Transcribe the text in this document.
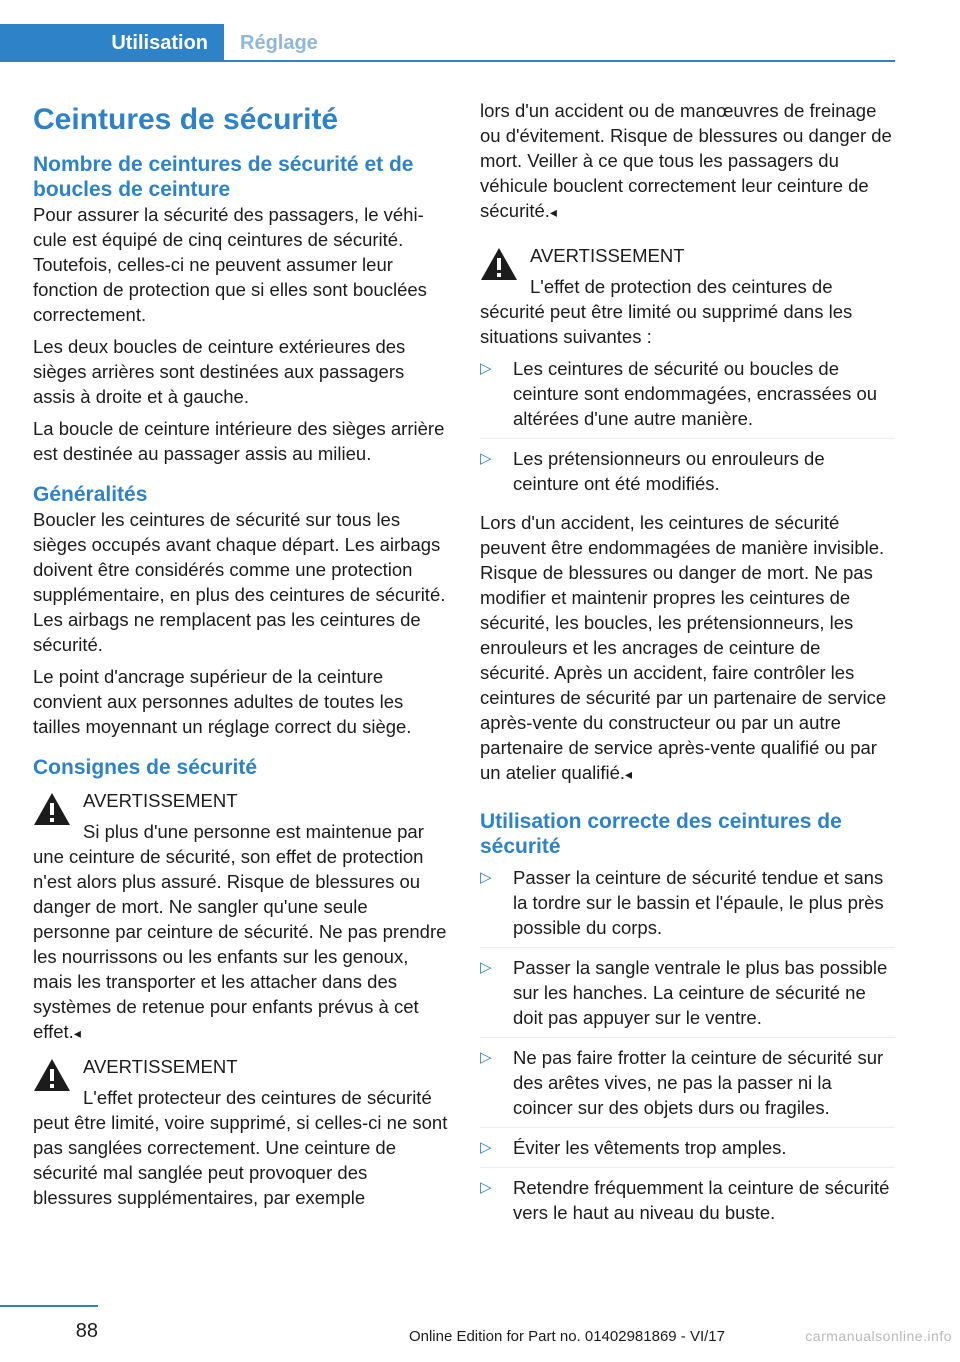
Utilisation	Réglage
Ceintures de sécurité
Nombre de ceintures de sécurité et de boucles de ceinture

Pour assurer la sécurité des passagers, le véhicule est équipé de cinq ceintures de sécurité. Toutefois, celles-ci ne peuvent assumer leur fonction de protection que si elles sont bouclées correctement.

Les deux boucles de ceinture extérieures des sièges arrières sont destinées aux passagers assis à droite et à gauche.

La boucle de ceinture intérieure des sièges arrière est destinée au passager assis au milieu.

Généralités

Boucler les ceintures de sécurité sur tous les sièges occupés avant chaque départ. Les airbags doivent être considérés comme une protection supplémentaire, en plus des ceintures de sécurité. Les airbags ne remplacent pas les ceintures de sécurité.

Le point d'ancrage supérieur de la ceinture convient aux personnes adultes de toutes les tailles moyennant un réglage correct du siège.

Consignes de sécurité
AVERTISSEMENT

Si plus d'une personne est maintenue par une ceinture de sécurité, son effet de protection n'est alors plus assuré. Risque de blessures ou danger de mort. Ne sangler qu'une seule personne par ceinture de sécurité. Ne pas prendre les nourrissons ou les enfants sur les genoux, mais les transporter et les attacher dans des systèmes de retenue pour enfants prévus à cet effet.◂

AVERTISSEMENT

L'effet protecteur des ceintures de sécurité peut être limité, voire supprimé, si celles-ci ne sont pas sanglées correctement. Une ceinture de sécurité mal sanglée peut provoquer des blessures supplémentaires, par exemple

lors d'un accident ou de manœuvres de freinage ou d'évitement. Risque de blessures ou danger de mort. Veiller à ce que tous les passagers du véhicule bouclent correctement leur ceinture de sécurité.◂

AVERTISSEMENT

L'effet de protection des ceintures de sécurité peut être limité ou supprimé dans les situations suivantes :

▷ Les ceintures de sécurité ou boucles de ceinture sont endommagées, encrassées ou altérées d'une autre manière.
▷ Les prétensionneurs ou enrouleurs de ceinture ont été modifiés.

Lors d'un accident, les ceintures de sécurité peuvent être endommagées de manière invisible. Risque de blessures ou danger de mort. Ne pas modifier et maintenir propres les ceintures de sécurité, les boucles, les prétensionneurs, les enrouleurs et les ancrages de ceinture de sécurité. Après un accident, faire contrôler les ceintures de sécurité par un partenaire de service après-vente du constructeur ou par un autre partenaire de service après-vente qualifié ou par un atelier qualifié.◂

Utilisation correcte des ceintures de sécurité
▷ Passer la ceinture de sécurité tendue et sans la tordre sur le bassin et l'épaule, le plus près possible du corps.
▷ Passer la sangle ventrale le plus bas possible sur les hanches. La ceinture de sécurité ne doit pas appuyer sur le ventre.
▷ Ne pas faire frotter la ceinture de sécurité sur des arêtes vives, ne pas la passer ni la coincer sur des objets durs ou fragiles.
▷ Éviter les vêtements trop amples.
▷ Retendre fréquemment la ceinture de sécurité vers le haut au niveau du buste.
88	Online Edition for Part no. 01402981869 - VI/17	carmanualsonline.info
